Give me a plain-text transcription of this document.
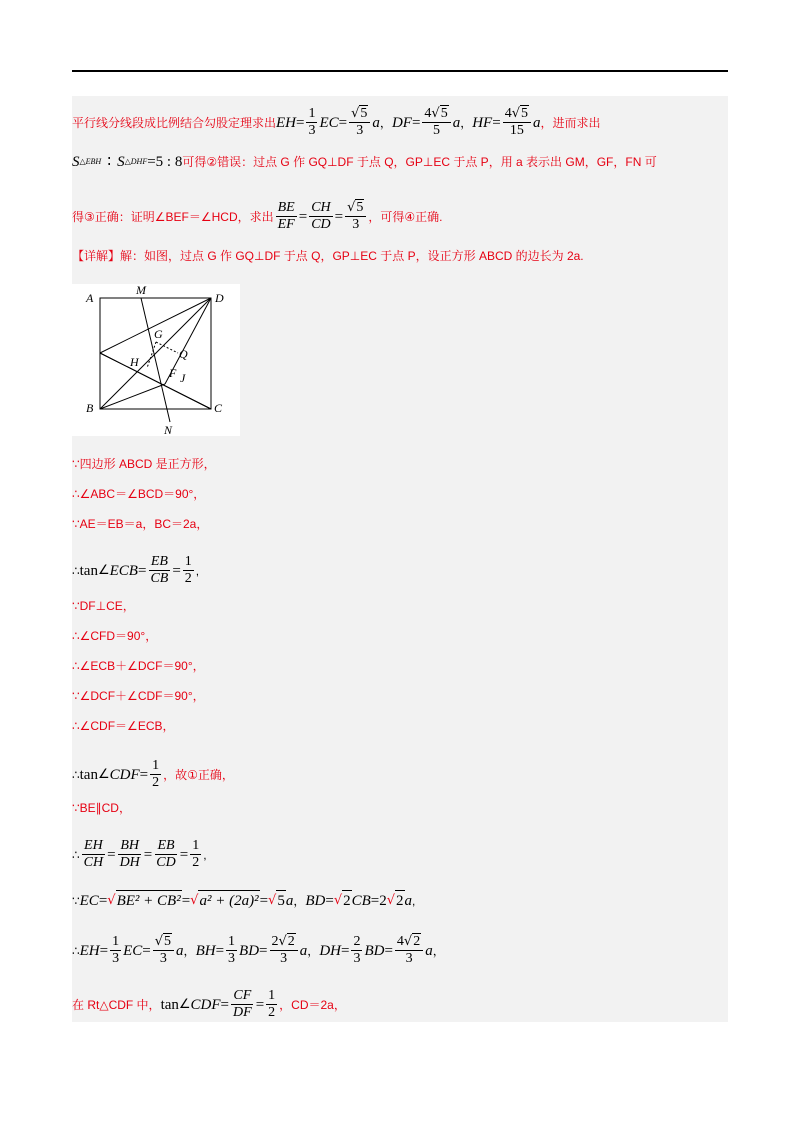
平行线分线段成比例结合勾股定理求出 EH = $\frac{1}{3}$ EC = $\frac{√5}{3}$ a ， DF = $\frac{4√5}{5}$ a ， HF = $\frac{4√5}{15}$ a ，进而求出
S △EBH ∶ S △DHF =5 : 8 可得②错误：过点 G 作 GQ⊥DF 于点 Q，GP⊥EC 于点 P，用 a 表示出 GM，GF，FN 可
得③正确：证明∠BEF＝∠HCD，求出 $\frac{BE}{EF} = \frac{CH}{CD} = \frac{√5}{3}$ ，可得④正确.
【详解】 解：如图，过点 G 作 GQ⊥DF 于点 Q，GP⊥EC 于点 P，设正方形 ABCD 的边长为 2a.
A
M
D
G
H
Q
F J
B
N
C
∵四边形 ABCD 是正方形，
∴∠ABC＝∠BCD＝90°，
∵AE＝EB＝a，BC＝2a，
∴ tan ∠ ECB = $\frac{EB}{CB} = \frac{1}{2}$ ,
∵DF⊥CE，
∴∠CFD＝90°，
∴∠ECB＋∠DCF＝90°，
∵∠DCF＋∠CDF＝90°，
∴∠CDF＝∠ECB，
∴ tan ∠ CDF = $\frac{1}{2}$ ，故①正确，
∵BE∥CD，
∴ $\frac{EH}{CH} = \frac{BH}{DH} = \frac{EB}{CD} = \frac{1}{2}$ ,
∵ EC = √ BE² + CB² = √ a² + (2a)² = √ 5 a ， BD = √ 2 CB =2 √ 2 a ,
∴ EH = $\frac{1}{3}$ EC = $\frac{√5}{3}$ a ， BH = $\frac{1}{3}$ BD = $\frac{2√2}{3}$ a ， DH = $\frac{2}{3}$ BD = $\frac{4√2}{3}$ a ，
在 Rt△CDF 中， tan ∠ CDF = $\frac{CF}{DF} = \frac{1}{2}$ ，CD＝2a，
